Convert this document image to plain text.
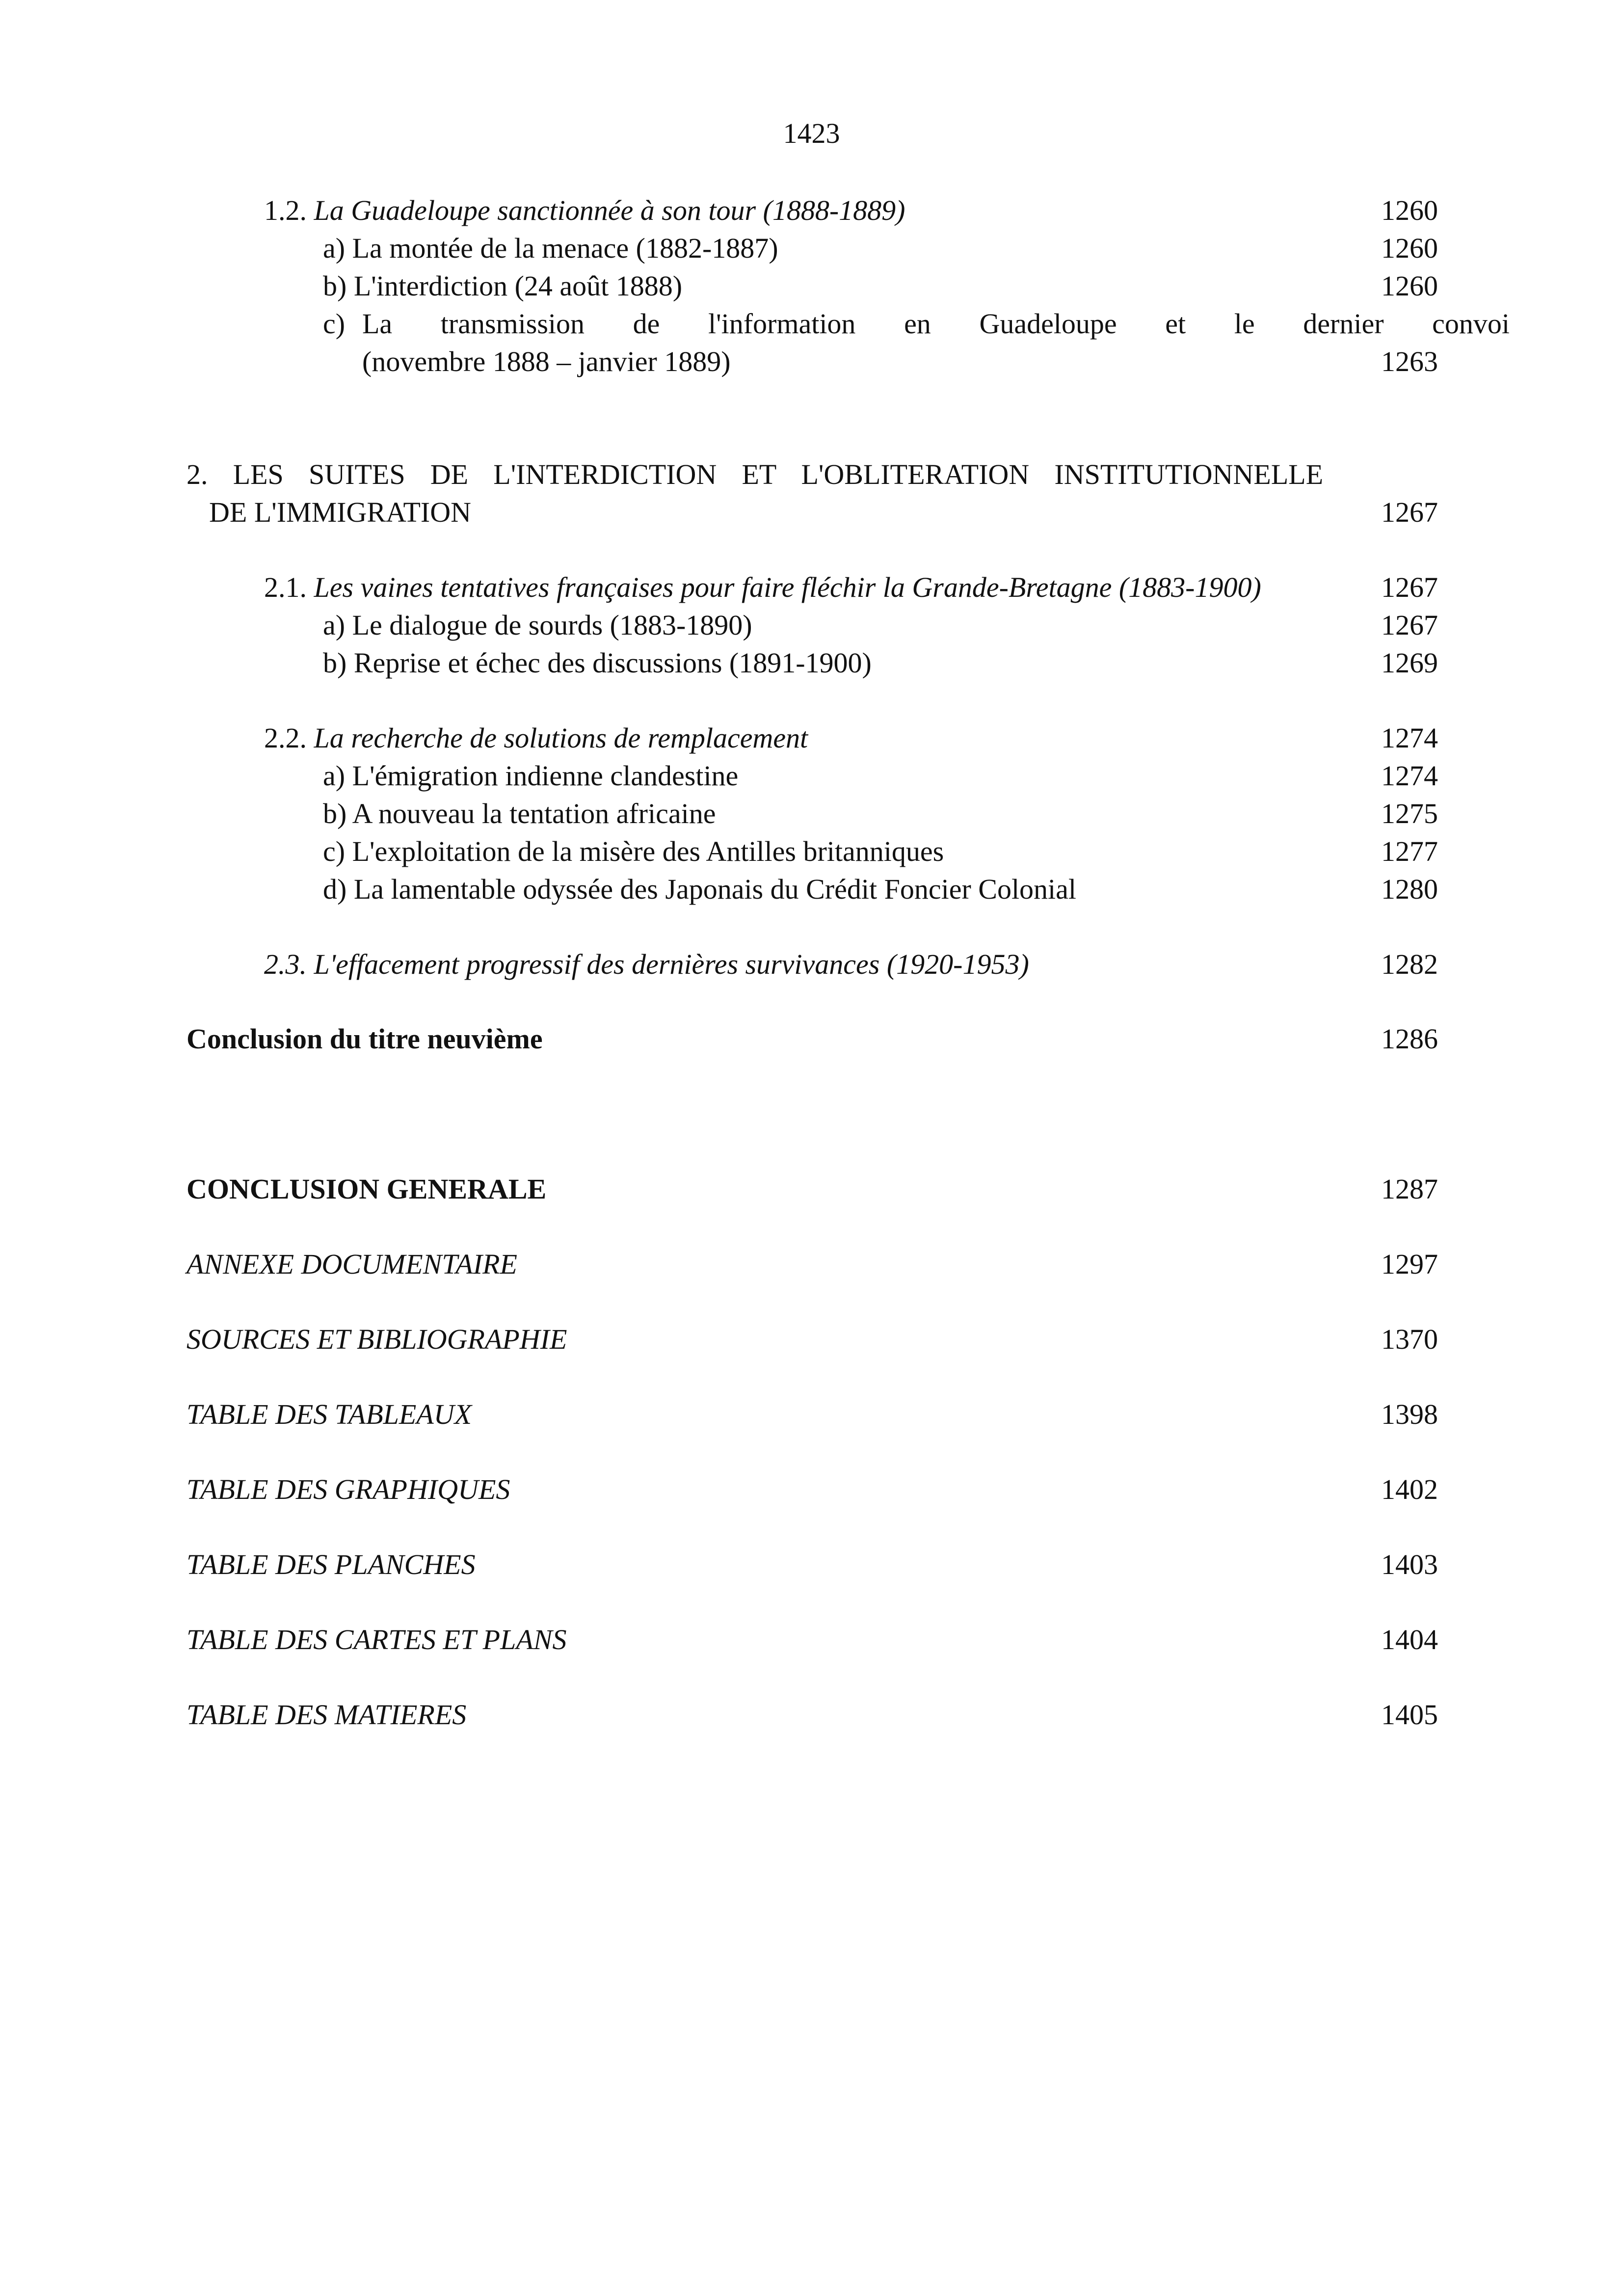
1423
1.2. La Guadeloupe sanctionnée à son tour (1888-1889)	1260
a) La montée de la menace (1882-1887)	1260
b) L'interdiction (24 août 1888)	1260
c) La transmission de l'information en Guadeloupe et le dernier convoi
(novembre 1888 – janvier 1889)	1263
2. LES SUITES DE L'INTERDICTION ET L'OBLITERATION INSTITUTIONNELLE
DE L'IMMIGRATION	1267
2.1. Les vaines tentatives françaises pour faire fléchir la Grande-Bretagne (1883-1900)	1267
a) Le dialogue de sourds (1883-1890)	1267
b) Reprise et échec des discussions (1891-1900)	1269
2.2. La recherche de solutions de remplacement	1274
a) L'émigration indienne clandestine	1274
b) A nouveau la tentation africaine	1275
c) L'exploitation de la misère des Antilles britanniques	1277
d) La lamentable odyssée des Japonais du Crédit Foncier Colonial	1280
2.3. L'effacement progressif des dernières survivances (1920-1953)	1282
Conclusion du titre neuvième	1286
CONCLUSION GENERALE	1287
ANNEXE DOCUMENTAIRE	1297
SOURCES ET BIBLIOGRAPHIE	1370
TABLE DES TABLEAUX	1398
TABLE DES GRAPHIQUES	1402
TABLE DES PLANCHES	1403
TABLE DES CARTES ET PLANS	1404
TABLE DES MATIERES	1405
